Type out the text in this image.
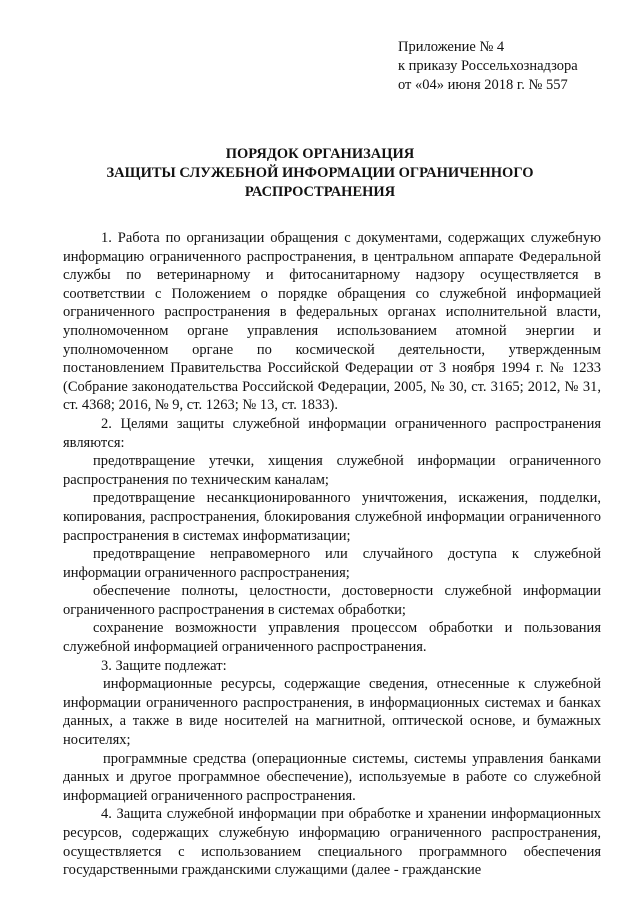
Приложение № 4
к приказу Россельхознадзора
от «04» июня 2018 г. № 557
ПОРЯДОК ОРГАНИЗАЦИЯ
ЗАЩИТЫ СЛУЖЕБНОЙ ИНФОРМАЦИИ ОГРАНИЧЕННОГО
РАСПРОСТРАНЕНИЯ

1. Работа по организации обращения с документами, содержащих служебную информацию ограниченного распространения, в центральном аппарате Федеральной службы по ветеринарному и фитосанитарному надзору осуществляется в соответствии с Положением о порядке обращения со служебной информацией ограниченного распространения в федеральных органах исполнительной власти, уполномоченном органе управления использованием атомной энергии и уполномоченном органе по космической деятельности, утвержденным постановлением Правительства Российской Федерации от 3 ноября 1994 г. № 1233 (Собрание законодательства Российской Федерации, 2005, № 30, ст. 3165; 2012, № 31, ст. 4368; 2016, № 9, ст. 1263; № 13, ст. 1833).

2. Целями защиты служебной информации ограниченного распространения являются:

предотвращение утечки, хищения служебной информации ограниченного распространения по техническим каналам;

предотвращение несанкционированного уничтожения, искажения, подделки, копирования, распространения, блокирования служебной информации ограниченного распространения в системах информатизации;

предотвращение неправомерного или случайного доступа к служебной информации ограниченного распространения;

обеспечение полноты, целостности, достоверности служебной информации ограниченного распространения в системах обработки;

сохранение возможности управления процессом обработки и пользования служебной информацией ограниченного распространения.

3. Защите подлежат:

информационные ресурсы, содержащие сведения, отнесенные к служебной информации ограниченного распространения, в информационных системах и банках данных, а также в виде носителей на магнитной, оптической основе, и бумажных носителях;

программные средства (операционные системы, системы управления банками данных и другое программное обеспечение), используемые в работе со служебной информацией ограниченного распространения.

4. Защита служебной информации при обработке и хранении информационных ресурсов, содержащих служебную информацию ограниченного распространения, осуществляется с использованием специального программного обеспечения государственными гражданскими служащими (далее - гражданские
